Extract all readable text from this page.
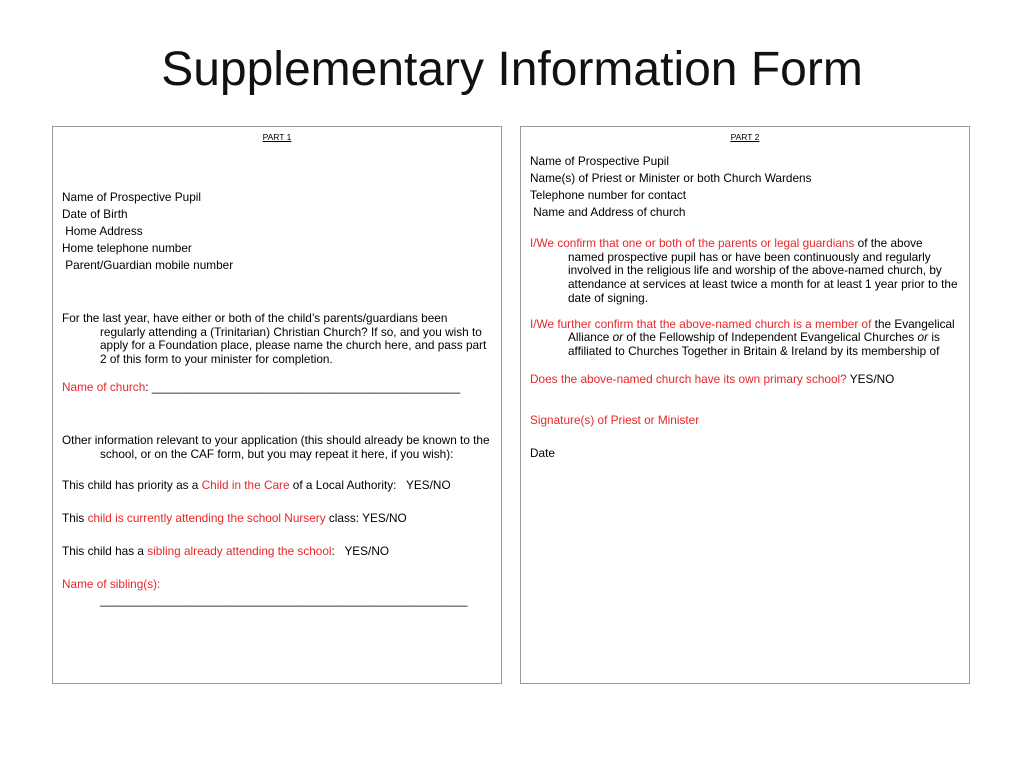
Supplementary Information Form
PART 1

Name of Prospective Pupil

Date of Birth

Home Address

Home telephone number

Parent/Guardian mobile number

For the last year, have either or both of the child’s parents/guardians been regularly attending a (Trinitarian) Christian Church? If so, and you wish to apply for a Foundation place, please name the church here, and pass part 2 of this form to your minister for completion.

Name of church: _______________________________________________

Other information relevant to your application (this should already be known to the school, or on the CAF form, but you may repeat it here, if you wish):

This child has priority as a Child in the Care of a Local Authority:   YES/NO

This child is currently attending the school Nursery class: YES/NO

This child has a sibling already attending the school:   YES/NO

Name of sibling(s):

________________________________________________________

PART 2

Name of Prospective Pupil

Name(s) of Priest or Minister or both Church Wardens

Telephone number for contact

Name and Address of church

I/We confirm that one or both of the parents or legal guardians of the above named prospective pupil has or have been continuously and regularly involved in the religious life and worship of the above-named church, by attendance at services at least twice a month for at least 1 year prior to the date of signing.

I/We further confirm that the above-named church is a member of the Evangelical Alliance or of the Fellowship of Independent Evangelical Churches or is affiliated to Churches Together in Britain & Ireland by its membership of

Does the above-named church have its own primary school? YES/NO

Signature(s) of Priest or Minister

Date
